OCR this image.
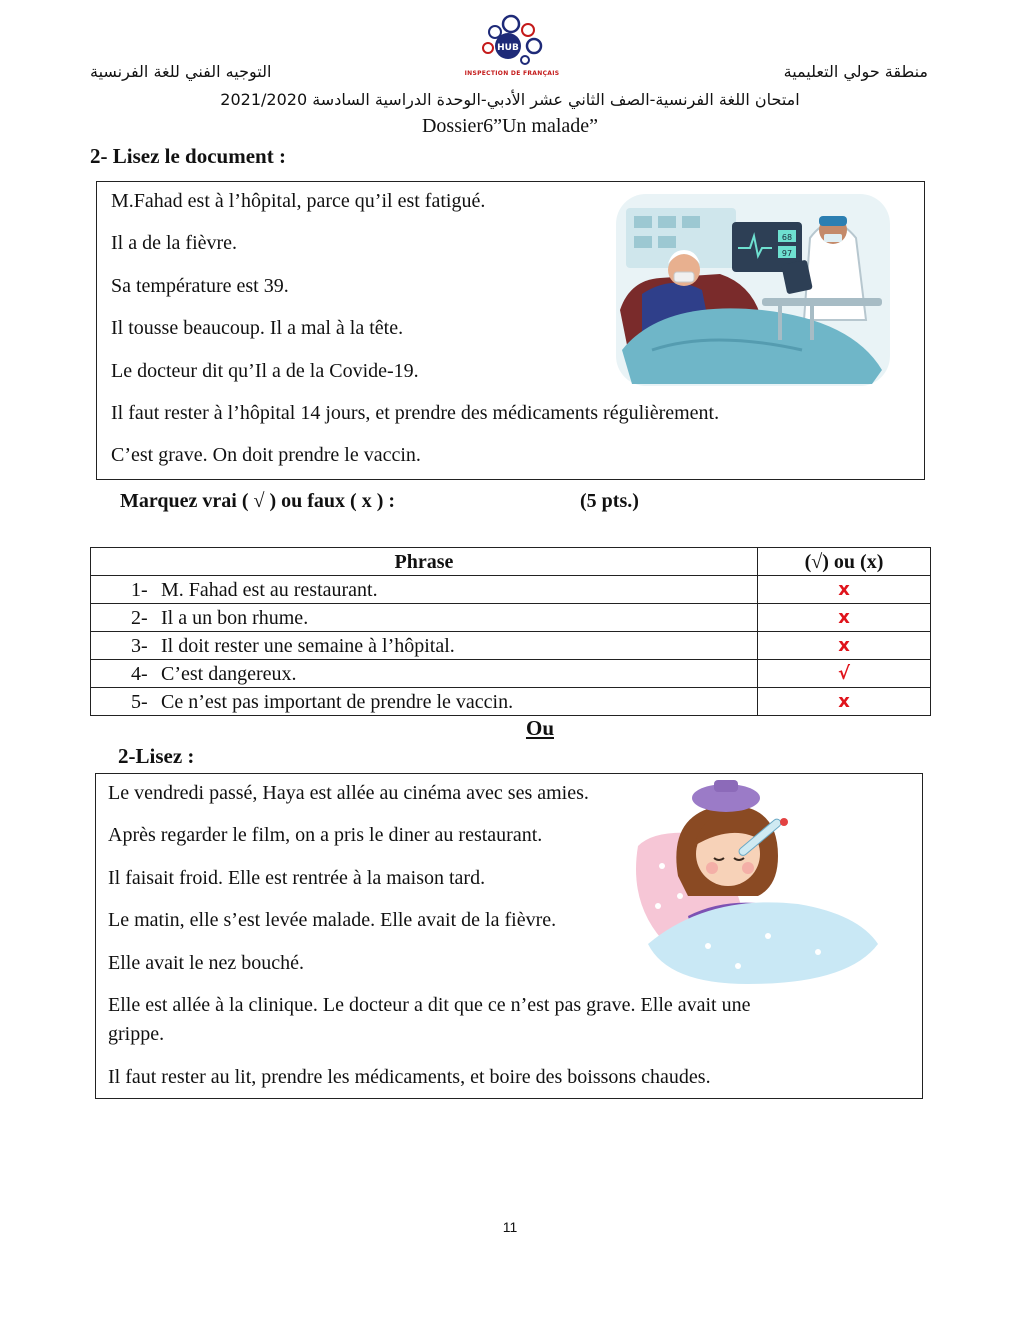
HUB
INSPECTION DE FRANÇAIS
التوجيه الفني للغة الفرنسية	منطقة حولي التعليمية
امتحان اللغة الفرنسية-الصف الثاني عشر الأدبي-الوحدة الدراسية السادسة 2021/2020
Dossier6”Un malade”
2- Lisez le document :
M.Fahad est à l’hôpital, parce qu’il est fatigué.
Il a de la fièvre.
Sa température est 39.
Il tousse beaucoup. Il a mal à la tête.
Le docteur dit qu’Il a de la Covide-19.
Il faut rester à l’hôpital 14 jours, et prendre des médicaments régulièrement.
C’est grave. On doit prendre le vaccin.
68
97
Marquez vrai ( √ ) ou faux ( x ) :	(5 pts.)
Phrase	(√) ou (x)
1- M. Fahad est au restaurant.	x
2- Il a un bon rhume.	x
3- Il doit rester une semaine à l’hôpital.	x
4- C’est dangereux.	√
5- Ce n’est pas important de prendre le vaccin.	x
Ou
2-Lisez :
Le vendredi passé, Haya est allée au cinéma avec ses amies.
Après regarder le film, on a pris le diner au restaurant.
Il faisait froid. Elle est rentrée à la maison tard.
Le matin, elle s’est levée malade. Elle avait de la fièvre.
Elle avait le nez bouché.
Elle est allée à la clinique. Le docteur a dit que ce n’est pas grave. Elle avait une
grippe.
Il faut rester au lit, prendre les médicaments, et boire des boissons chaudes.
11
